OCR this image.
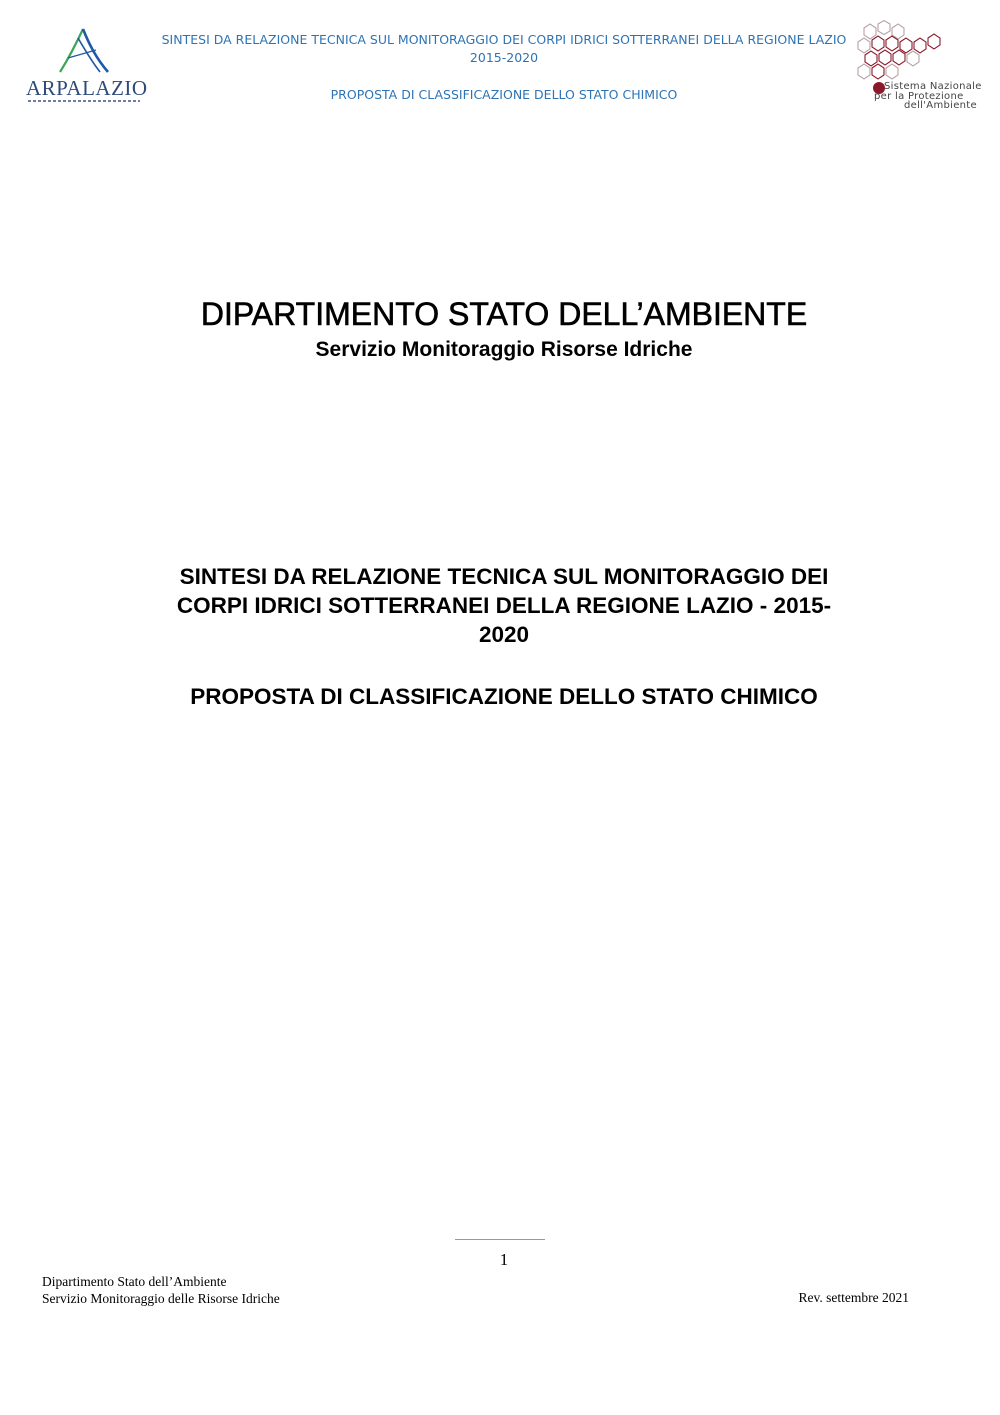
ARPALAZIO
SINTESI DA RELAZIONE TECNICA SUL MONITORAGGIO DEI CORPI IDRICI SOTTERRANEI DELLA REGIONE LAZIO
2015-2020
PROPOSTA DI CLASSIFICAZIONE DELLO STATO CHIMICO
Sistema Nazionale
per la Protezione
dell'Ambiente
DIPARTIMENTO STATO DELL’AMBIENTE
Servizio Monitoraggio Risorse Idriche
SINTESI DA RELAZIONE TECNICA SUL MONITORAGGIO DEI
CORPI IDRICI SOTTERRANEI DELLA REGIONE LAZIO - 2015-
2020
PROPOSTA DI CLASSIFICAZIONE DELLO STATO CHIMICO
1
Dipartimento Stato dell’Ambiente
Servizio Monitoraggio delle Risorse Idriche	Rev. settembre 2021
